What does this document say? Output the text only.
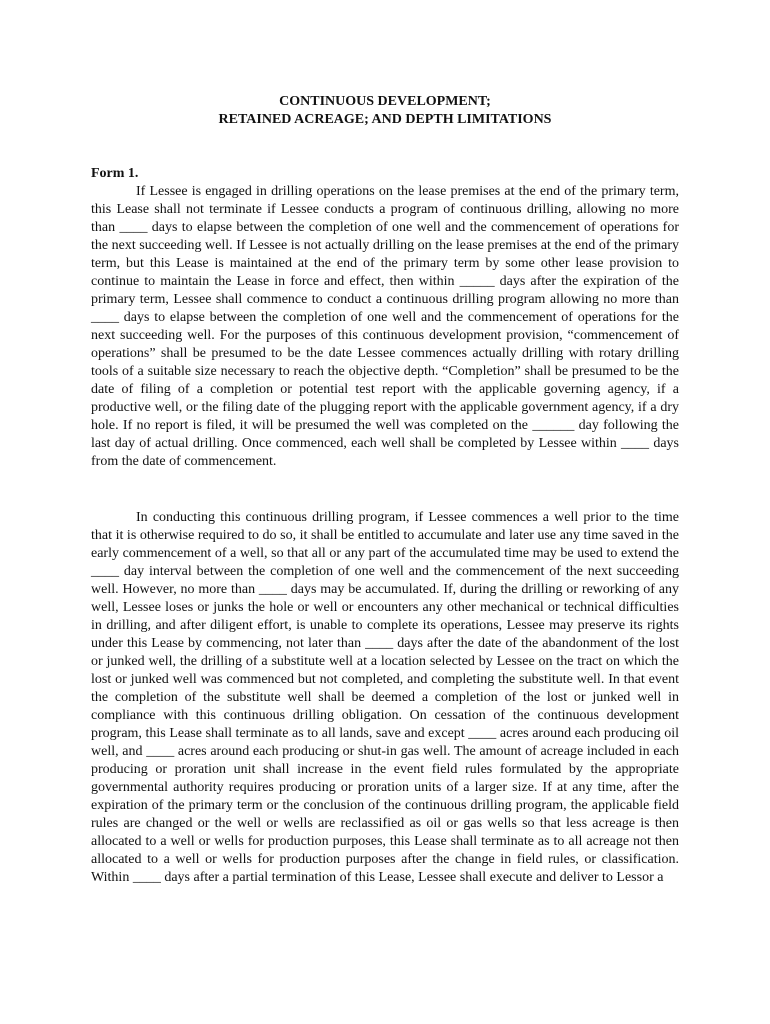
CONTINUOUS DEVELOPMENT;
RETAINED ACREAGE; AND DEPTH LIMITATIONS
Form 1.

If Lessee is engaged in drilling operations on the lease premises at the end of the primary term, this Lease shall not terminate if Lessee conducts a program of continuous drilling, allowing no more than ____ days to elapse between the completion of one well and the commencement of operations for the next succeeding well. If Lessee is not actually drilling on the lease premises at the end of the primary term, but this Lease is maintained at the end of the primary term by some other lease provision to continue to maintain the Lease in force and effect, then within _____ days after the expiration of the primary term, Lessee shall commence to conduct a continuous drilling program allowing no more than ____ days to elapse between the completion of one well and the commencement of operations for the next succeeding well. For the purposes of this continuous development provision, “commencement of operations” shall be presumed to be the date Lessee commences actually drilling with rotary drilling tools of a suitable size necessary to reach the objective depth. “Completion” shall be presumed to be the date of filing of a completion or potential test report with the applicable governing agency, if a productive well, or the filing date of the plugging report with the applicable government agency, if a dry hole. If no report is filed, it will be presumed the well was completed on the ______ day following the last day of actual drilling. Once commenced, each well shall be completed by Lessee within ____ days from the date of commencement.

In conducting this continuous drilling program, if Lessee commences a well prior to the time that it is otherwise required to do so, it shall be entitled to accumulate and later use any time saved in the early commencement of a well, so that all or any part of the accumulated time may be used to extend the ____ day interval between the completion of one well and the commencement of the next succeeding well. However, no more than ____ days may be accumulated. If, during the drilling or reworking of any well, Lessee loses or junks the hole or well or encounters any other mechanical or technical difficulties in drilling, and after diligent effort, is unable to complete its operations, Lessee may preserve its rights under this Lease by commencing, not later than ____ days after the date of the abandonment of the lost or junked well, the drilling of a substitute well at a location selected by Lessee on the tract on which the lost or junked well was commenced but not completed, and completing the substitute well. In that event the completion of the substitute well shall be deemed a completion of the lost or junked well in compliance with this continuous drilling obligation. On cessation of the continuous development program, this Lease shall terminate as to all lands, save and except ____ acres around each producing oil well, and ____ acres around each producing or shut-in gas well. The amount of acreage included in each producing or proration unit shall increase in the event field rules formulated by the appropriate governmental authority requires producing or proration units of a larger size. If at any time, after the expiration of the primary term or the conclusion of the continuous drilling program, the applicable field rules are changed or the well or wells are reclassified as oil or gas wells so that less acreage is then allocated to a well or wells for production purposes, this Lease shall terminate as to all acreage not then allocated to a well or wells for production purposes after the change in field rules, or classification. Within ____ days after a partial termination of this Lease, Lessee shall execute and deliver to Lessor a
